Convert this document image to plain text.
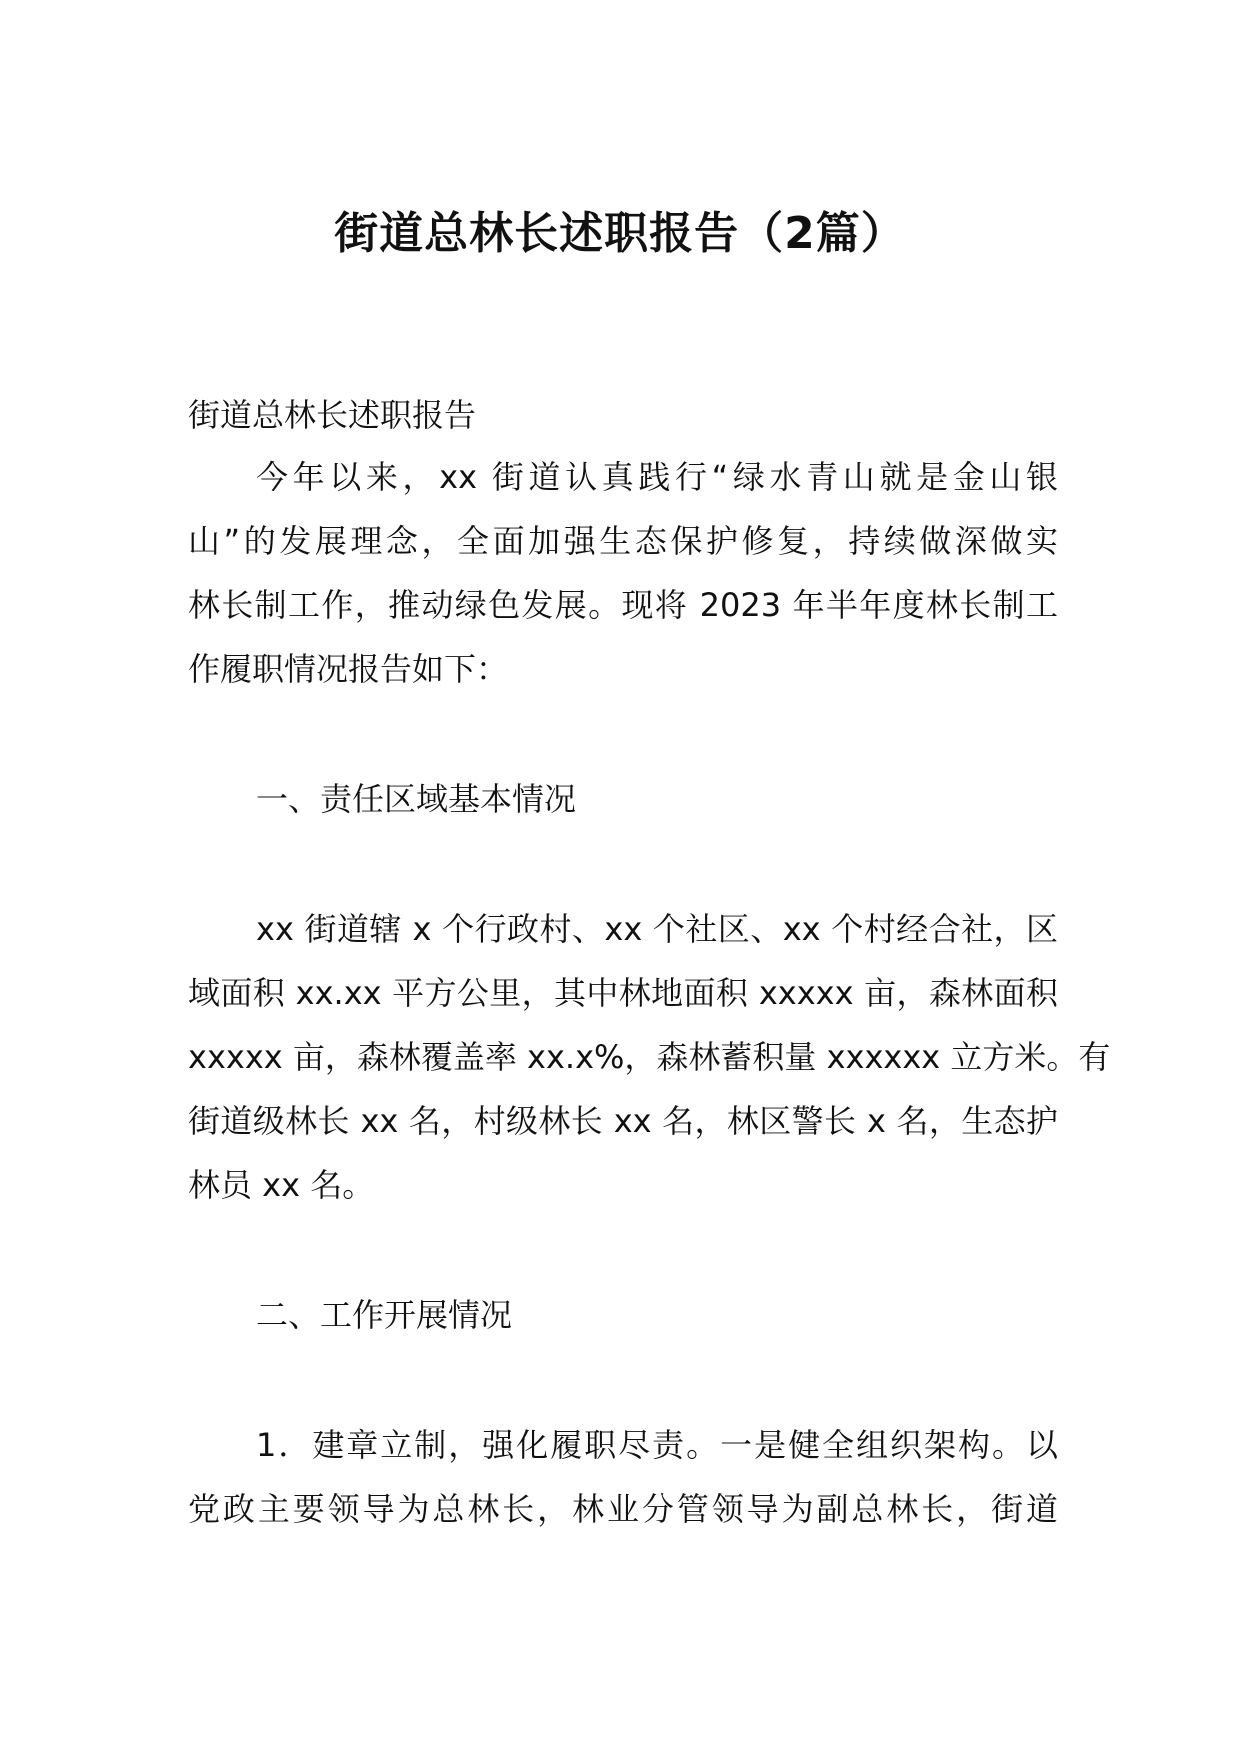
街道总林长述职报告（2篇）
街道总林长述职报告
今年以来，xx 街道认真践行“绿水青山就是金山银
山”的发展理念，全面加强生态保护修复，持续做深做实
林长制工作，推动绿色发展。现将 2023 年半年度林长制工
作履职情况报告如下：
一、责任区域基本情况
xx 街道辖 x 个行政村、xx 个社区、xx 个村经合社，区
域面积 xx.xx 平方公里，其中林地面积 xxxxx 亩，森林面积
xxxxx 亩，森林覆盖率 xx.x%，森林蓄积量 xxxxxx 立方米。有
街道级林长 xx 名，村级林长 xx 名，林区警长 x 名，生态护
林员 xx 名。
二、工作开展情况
1．建章立制，强化履职尽责。一是健全组织架构。以
党政主要领导为总林长，林业分管领导为副总林长，街道
